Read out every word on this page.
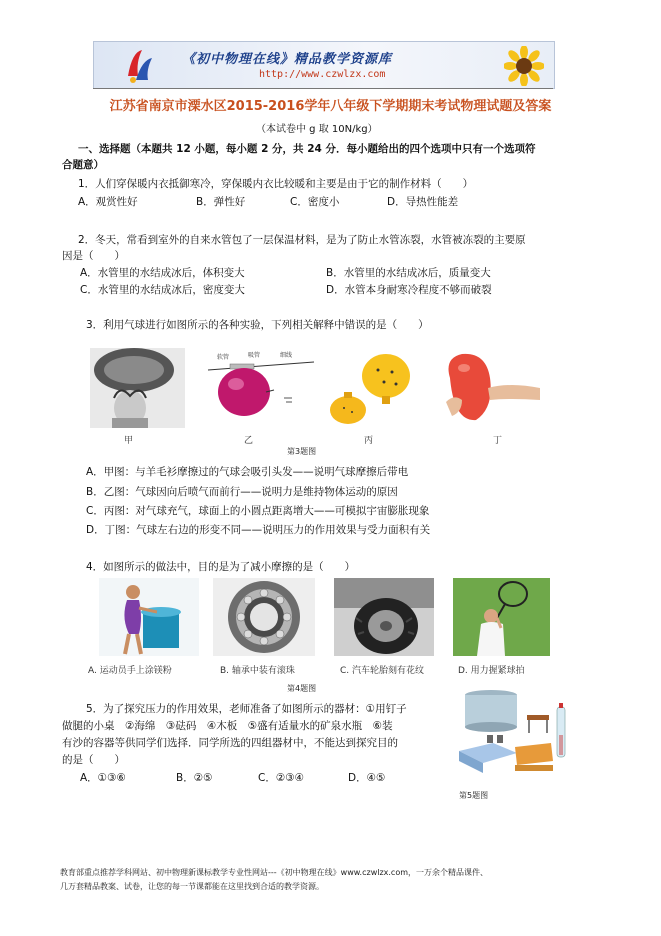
《初中物理在线》精品教学资源库
http://www.czwlzx.com
江苏省南京市溧水区2015-2016学年八年级下学期期末考试物理试题及答案
（本试卷中 g 取 10N/kg）
一、选择题（本题共 12 小题，每小题 2 分，共 24 分．每小题给出的四个选项中只有一个选项符
合题意）
1．人们穿保暖内衣抵御寒冷，穿保暖内衣比较暖和主要是由于它的制作材料（　　）
A．观赏性好	B．弹性好	C．密度小	D．导热性能差
2．冬天，常看到室外的自来水管包了一层保温材料，是为了防止水管冻裂，水管被冻裂的主要原
因是（　　）
A．水管里的水结成冰后，体积变大	B．水管里的水结成冰后，质量变大
C．水管里的水结成冰后，密度变大	D．水管本身耐寒冷程度不够而破裂
3．利用气球进行如图所示的各种实验，下列相关解释中错误的是（　　）
甲
软管	吸管	细线
乙	丙	丁
第3题图
A．甲图：与羊毛衫摩擦过的气球会吸引头发——说明气球摩擦后带电
B．乙图：气球因向后喷气而前行——说明力是维持物体运动的原因
C．丙图：对气球充气，球面上的小圆点距离增大——可模拟宇宙膨胀现象
D．丁图：气球左右边的形变不同——说明压力的作用效果与受力面积有关
4．如图所示的做法中，目的是为了减小摩擦的是（　　）
A. 运动员手上涂镁粉	B. 轴承中装有滚珠	C. 汽车轮胎刻有花纹	D. 用力握紧球拍
第4题图
5．为了探究压力的作用效果，老师准备了如图所示的器材：①用钉子
做腿的小桌　②海绵　③砝码　④木板　⑤盛有适量水的矿泉水瓶　⑥装
有沙的容器等供同学们选择．同学所选的四组器材中，不能达到探究目的
的是（　　）
A．①③⑥	B．②⑤	C．②③④	D．④⑤
第5题图
教育部重点推荐学科网站、初中物理新课标教学专业性网站---《初中物理在线》www.czwlzx.com，一万余个精品课件、
几万套精品教案、试卷，让您的每一节课都能在这里找到合适的教学资源。
